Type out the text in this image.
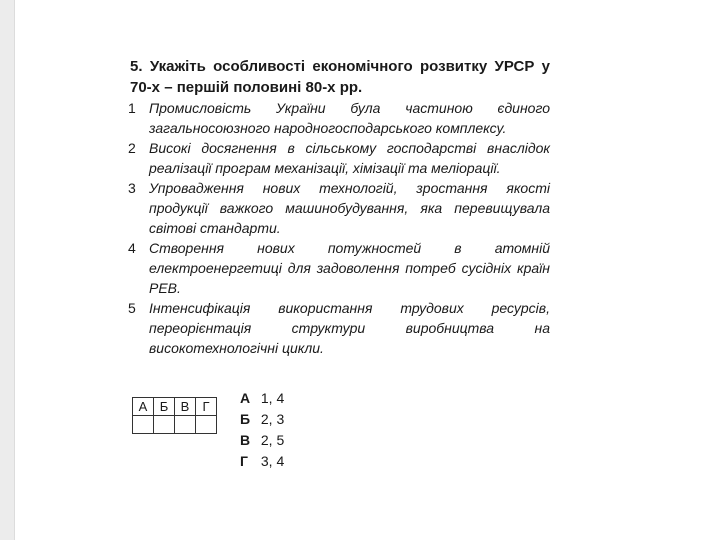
5. Укажіть особливості економічного розвитку УРСР у 70-х – першій половині 80-х рр.
1 Промисловість України була частиною єдиного загальносоюзного народногосподарського комплексу.
2 Високі досягнення в сільському господарстві внаслідок реалізації програм механізації, хімізації та меліорації.
3 Упровадження нових технологій, зростання якості продукції важкого машинобудування, яка перевищувала світові стандарти.
4 Створення нових потужностей в атомній електроенергетиці для задоволення потреб сусідніх країн РЕВ.
5 Інтенсифікація використання трудових ресурсів, переорієнтація структури виробництва на високотехнологічні цикли.
А	Б	В	Г

А 1, 4
Б 2, 3
В 2, 5
Г 3, 4
